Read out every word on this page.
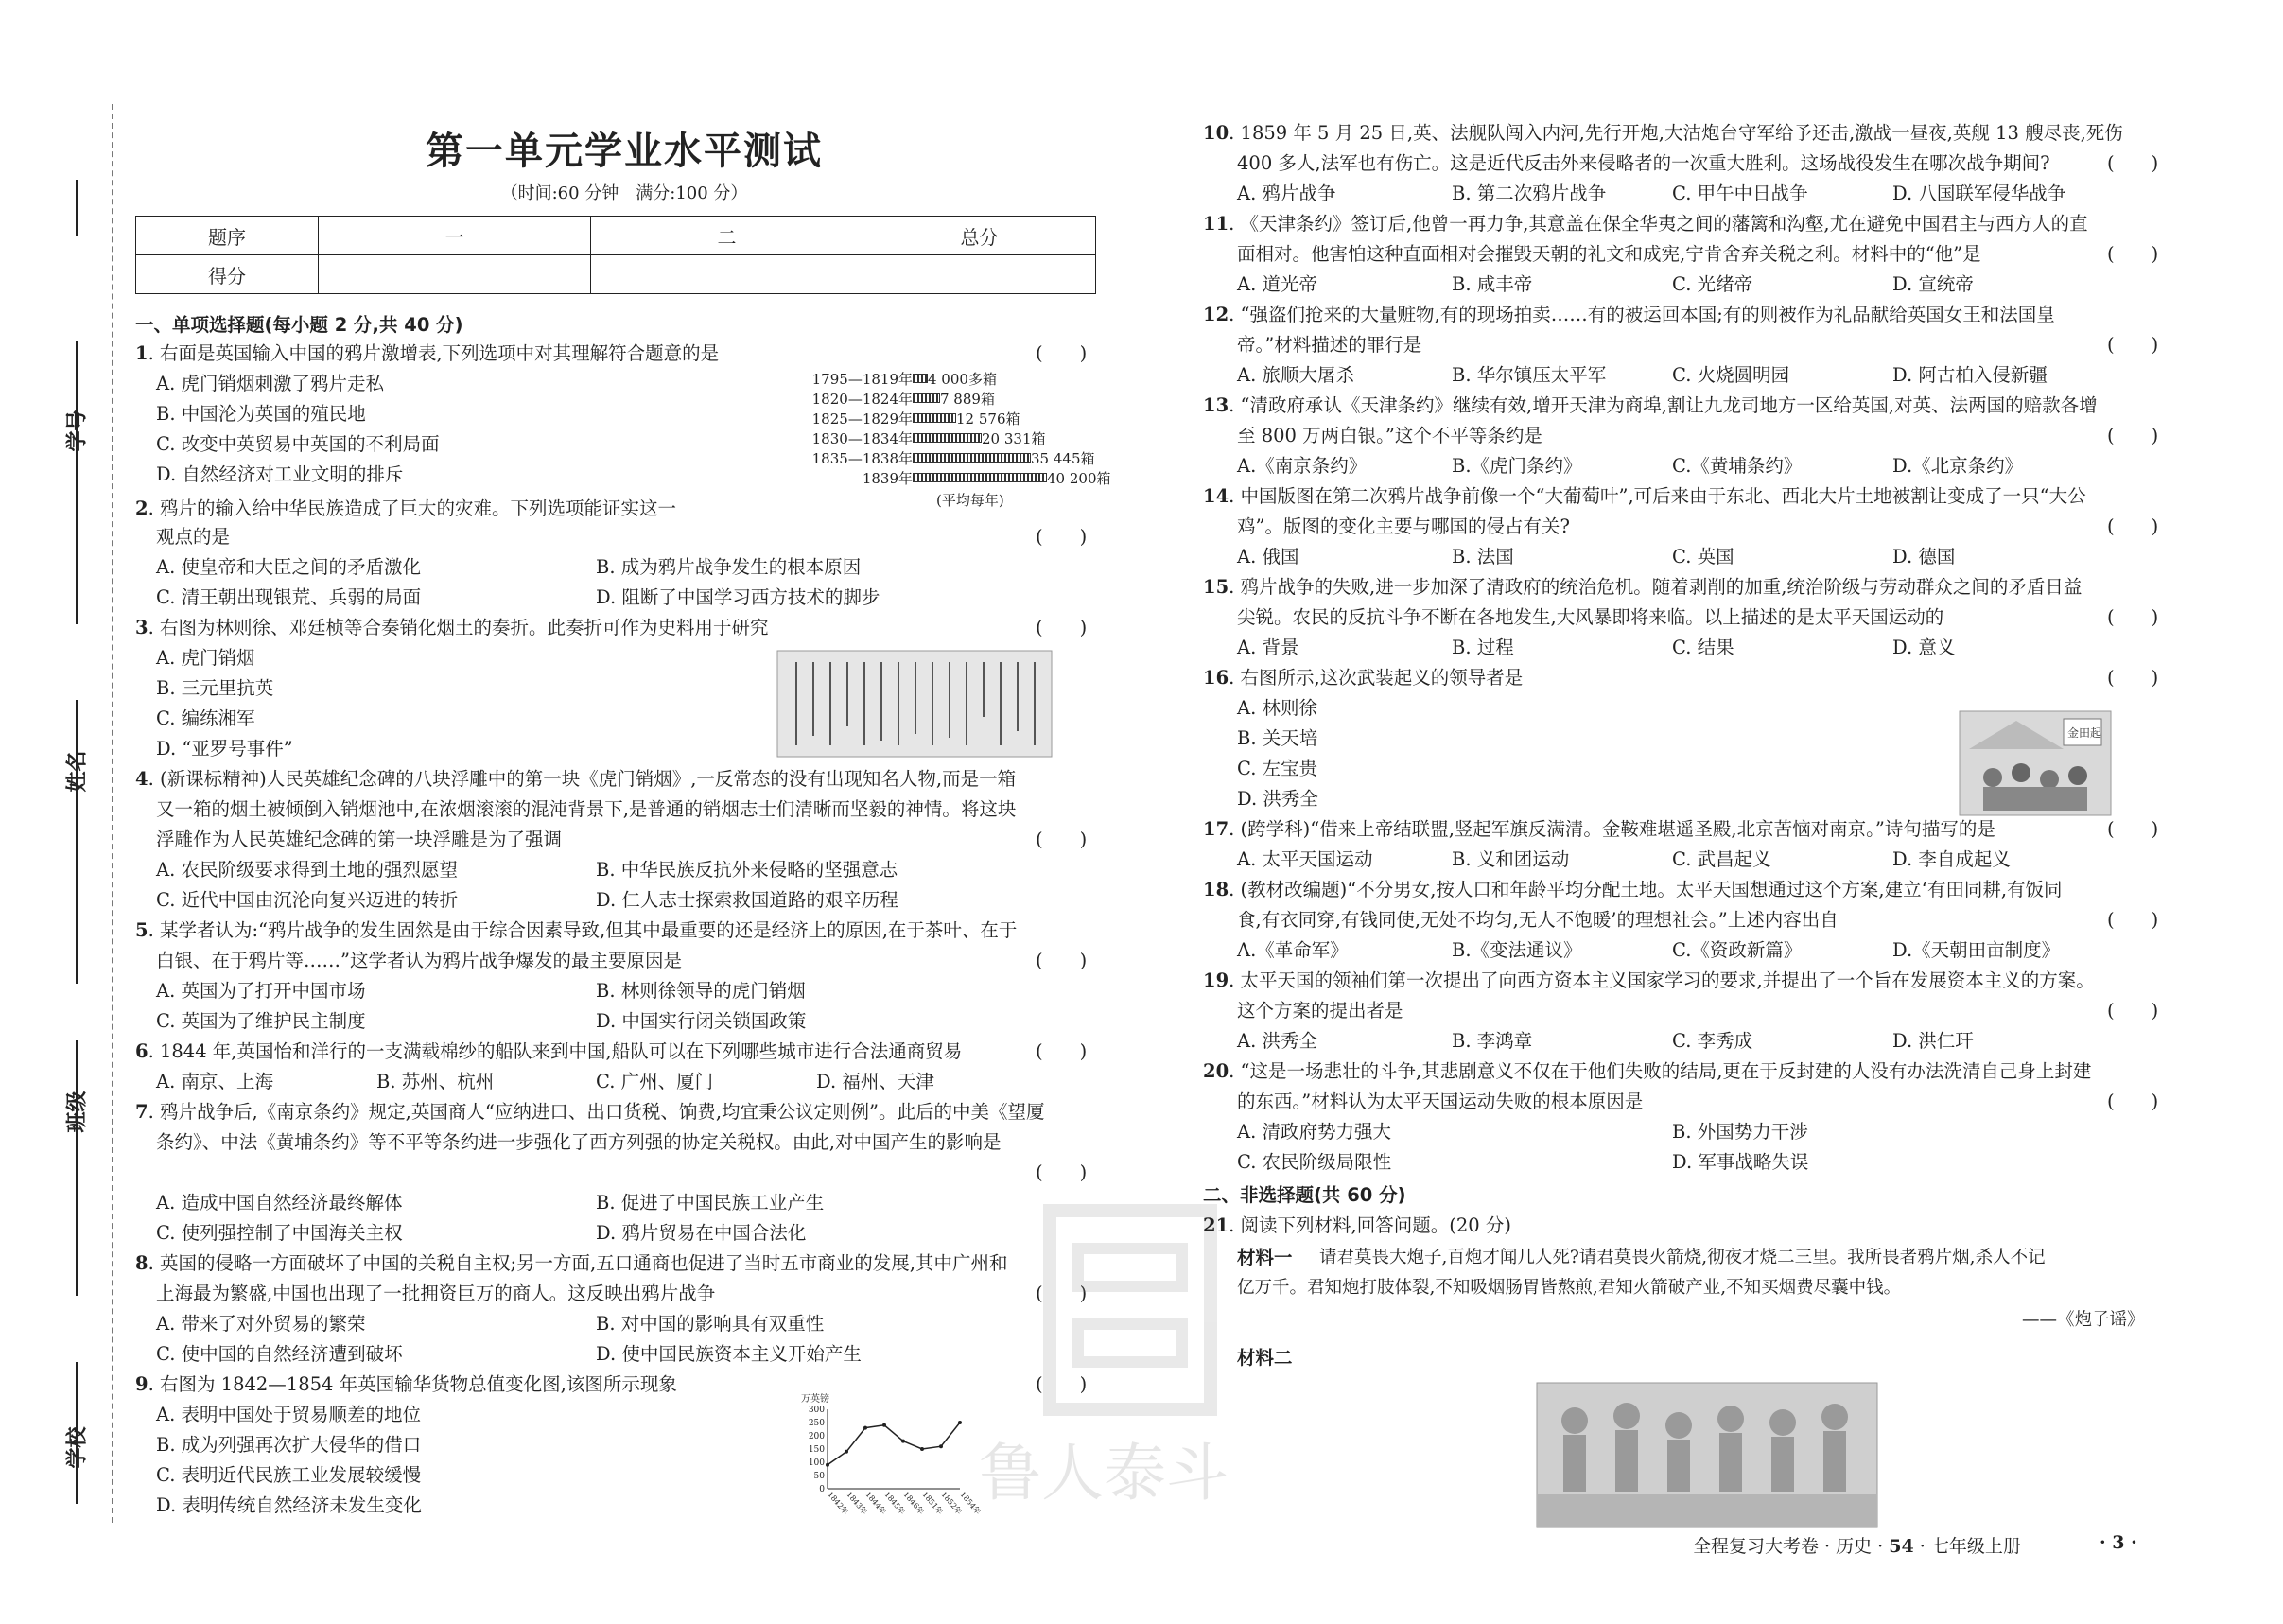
学号
姓名
班级
学校
第一单元学业水平测试
（时间:60 分钟　满分:100 分）
题序	一	二	总分
得分			
一、单项选择题(每小题 2 分,共 40 分)
1. 右面是英国输入中国的鸦片激增表,下列选项中对其理解符合题意的是	(　　)
A. 虎门销烟刺激了鸦片走私
B. 中国沦为英国的殖民地
C. 改变中英贸易中英国的不利局面
D. 自然经济对工业文明的排斥
1795—1819年 4 000多箱
1820—1824年 7 889箱
1825—1829年	12 576箱
1830—1834年	20 331箱
1835—1838年	35 445箱
1839年	40 200箱
(平均每年)
2. 鸦片的输入给中华民族造成了巨大的灾难。下列选项能证实这一
观点的是	(　　)
A. 使皇帝和大臣之间的矛盾激化	B. 成为鸦片战争发生的根本原因
C. 清王朝出现银荒、兵弱的局面	D. 阻断了中国学习西方技术的脚步
3. 右图为林则徐、邓廷桢等合奏销化烟土的奏折。此奏折可作为史料用于研究	(　　)
A. 虎门销烟
B. 三元里抗英
C. 编练湘军
D. “亚罗号事件”
4. (新课标精神)人民英雄纪念碑的八块浮雕中的第一块《虎门销烟》,一反常态的没有出现知名人物,而是一箱
又一箱的烟土被倾倒入销烟池中,在浓烟滚滚的混沌背景下,是普通的销烟志士们清晰而坚毅的神情。将这块
浮雕作为人民英雄纪念碑的第一块浮雕是为了强调	(　　)
A. 农民阶级要求得到土地的强烈愿望	B. 中华民族反抗外来侵略的坚强意志
C. 近代中国由沉沦向复兴迈进的转折	D. 仁人志士探索救国道路的艰辛历程
5. 某学者认为:“鸦片战争的发生固然是由于综合因素导致,但其中最重要的还是经济上的原因,在于茶叶、在于
白银、在于鸦片等……”这学者认为鸦片战争爆发的最主要原因是	(　　)
A. 英国为了打开中国市场	B. 林则徐领导的虎门销烟
C. 英国为了维护民主制度	D. 中国实行闭关锁国政策
6. 1844 年,英国怡和洋行的一支满载棉纱的船队来到中国,船队可以在下列哪些城市进行合法通商贸易	(　　)
A. 南京、上海	B. 苏州、杭州	C. 广州、厦门	D. 福州、天津
7. 鸦片战争后,《南京条约》规定,英国商人“应纳进口、出口货税、饷费,均宜秉公议定则例”。此后的中美《望厦
条约》、中法《黄埔条约》等不平等条约进一步强化了西方列强的协定关税权。由此,对中国产生的影响是
(　　)
A. 造成中国自然经济最终解体	B. 促进了中国民族工业产生
C. 使列强控制了中国海关主权	D. 鸦片贸易在中国合法化
8. 英国的侵略一方面破坏了中国的关税自主权;另一方面,五口通商也促进了当时五市商业的发展,其中广州和
上海最为繁盛,中国也出现了一批拥资巨万的商人。这反映出鸦片战争	(　　)
A. 带来了对外贸易的繁荣	B. 对中国的影响具有双重性
C. 使中国的自然经济遭到破坏	D. 使中国民族资本主义开始产生
9. 右图为 1842—1854 年英国输华货物总值变化图,该图所示现象	(　　)
A. 表明中国处于贸易顺差的地位
B. 成为列强再次扩大侵华的借口
C. 表明近代民族工业发展较缓慢
D. 表明传统自然经济未发生变化
万英镑
300
250
200
150
100
50
0
1842年
1843年
1844年
1845年
1846年
1851年
1852年
1854年
鲁人泰斗
10. 1859 年 5 月 25 日,英、法舰队闯入内河,先行开炮,大沽炮台守军给予还击,激战一昼夜,英舰 13 艘尽丧,死伤
400 多人,法军也有伤亡。这是近代反击外来侵略者的一次重大胜利。这场战役发生在哪次战争期间?	(　　)
A. 鸦片战争	B. 第二次鸦片战争	C. 甲午中日战争	D. 八国联军侵华战争
11. 《天津条约》签订后,他曾一再力争,其意盖在保全华夷之间的藩篱和沟壑,尤在避免中国君主与西方人的直
面相对。他害怕这种直面相对会摧毁天朝的礼文和成宪,宁肯舍弃关税之利。材料中的“他”是	(　　)
A. 道光帝	B. 咸丰帝	C. 光绪帝	D. 宣统帝
12. “强盗们抢来的大量赃物,有的现场拍卖……有的被运回本国;有的则被作为礼品献给英国女王和法国皇
帝。”材料描述的罪行是	(　　)
A. 旅顺大屠杀	B. 华尔镇压太平军	C. 火烧圆明园	D. 阿古柏入侵新疆
13. “清政府承认《天津条约》继续有效,增开天津为商埠,割让九龙司地方一区给英国,对英、法两国的赔款各增
至 800 万两白银。”这个不平等条约是	(　　)
A.《南京条约》	B.《虎门条约》	C.《黄埔条约》	D.《北京条约》
14. 中国版图在第二次鸦片战争前像一个“大葡萄叶”,可后来由于东北、西北大片土地被割让变成了一只“大公
鸡”。版图的变化主要与哪国的侵占有关?	(　　)
A. 俄国	B. 法国	C. 英国	D. 德国
15. 鸦片战争的失败,进一步加深了清政府的统治危机。随着剥削的加重,统治阶级与劳动群众之间的矛盾日益
尖锐。农民的反抗斗争不断在各地发生,大风暴即将来临。以上描述的是太平天国运动的	(　　)
A. 背景	B. 过程	C. 结果	D. 意义
16. 右图所示,这次武装起义的领导者是	(　　)
A. 林则徐
B. 关天培
C. 左宝贵
D. 洪秀全
金田起
17. (跨学科)“借来上帝结联盟,竖起军旗反满清。金鞍难堪遥圣殿,北京苦恼对南京。”诗句描写的是	(　　)
A. 太平天国运动	B. 义和团运动	C. 武昌起义	D. 李自成起义
18. (教材改编题)“不分男女,按人口和年龄平均分配土地。太平天国想通过这个方案,建立‘有田同耕,有饭同
食,有衣同穿,有钱同使,无处不均匀,无人不饱暖’的理想社会。”上述内容出自	(　　)
A.《革命军》	B.《变法通议》	C.《资政新篇》	D.《天朝田亩制度》
19. 太平天国的领袖们第一次提出了向西方资本主义国家学习的要求,并提出了一个旨在发展资本主义的方案。
这个方案的提出者是	(　　)
A. 洪秀全	B. 李鸿章	C. 李秀成	D. 洪仁玕
20. “这是一场悲壮的斗争,其悲剧意义不仅在于他们失败的结局,更在于反封建的人没有办法洗清自己身上封建
的东西。”材料认为太平天国运动失败的根本原因是	(　　)
A. 清政府势力强大	B. 外国势力干涉
C. 农民阶级局限性	D. 军事战略失误
二、非选择题(共 60 分)
21. 阅读下列材料,回答问题。(20 分)
材料一 请君莫畏大炮子,百炮才闻几人死?请君莫畏火箭烧,彻夜才烧二三里。我所畏者鸦片烟,杀人不记
亿万千。君知炮打肢体裂,不知吸烟肠胃皆熬煎,君知火箭破产业,不知买烟费尽囊中钱。
——《炮子谣》
材料二
全程复习大考卷 · 历史 · 54 · 七年级上册	· 3 ·
